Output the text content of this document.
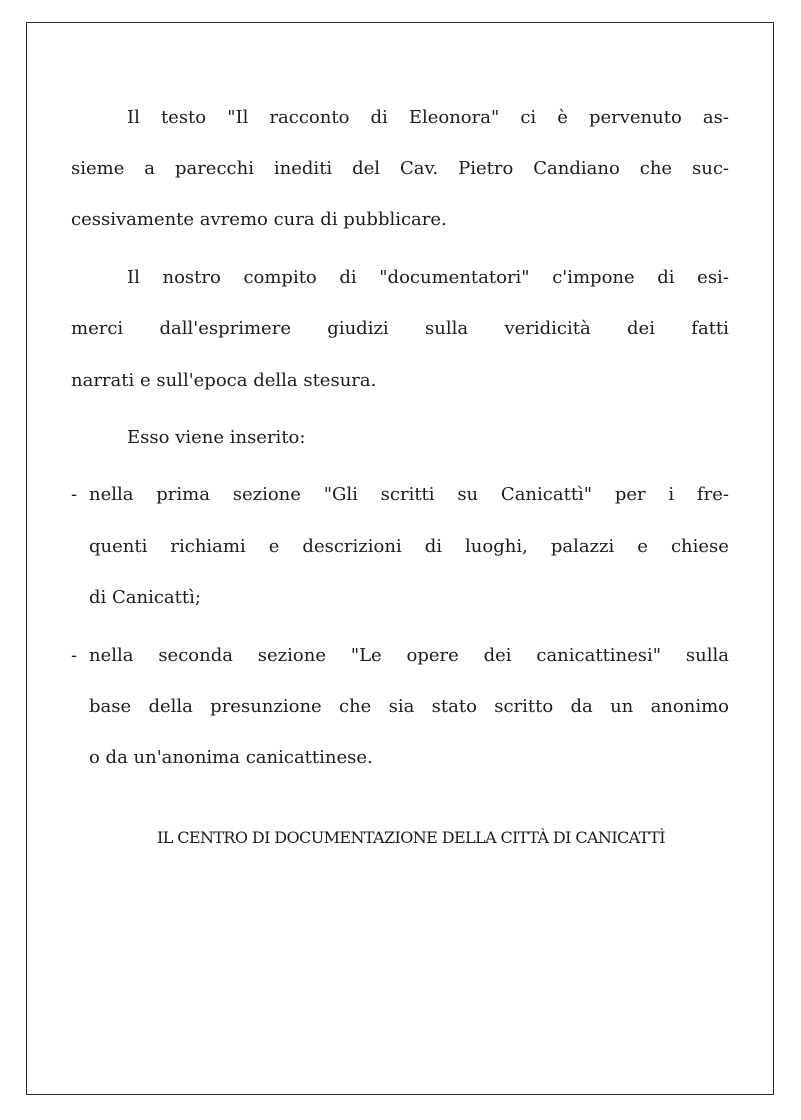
Il testo "Il racconto di Eleonora" ci è pervenuto as-
sieme a parecchi inediti del Cav. Pietro Candiano che suc-
cessivamente avremo cura di pubblicare.
Il nostro compito di "documentatori" c'impone di esi-
merci dall'esprimere giudizi sulla veridicità dei fatti
narrati e sull'epoca della stesura.
Esso viene inserito:
- nella prima sezione "Gli scritti su Canicattì" per i fre-
quenti richiami e descrizioni di luoghi, palazzi e chiese
di Canicattì;
- nella seconda sezione "Le opere dei canicattinesi" sulla
base della presunzione che sia stato scritto da un anonimo
o da un'anonima canicattinese.
IL CENTRO DI DOCUMENTAZIONE DELLA CITTÀ DI CANICATTÌ
